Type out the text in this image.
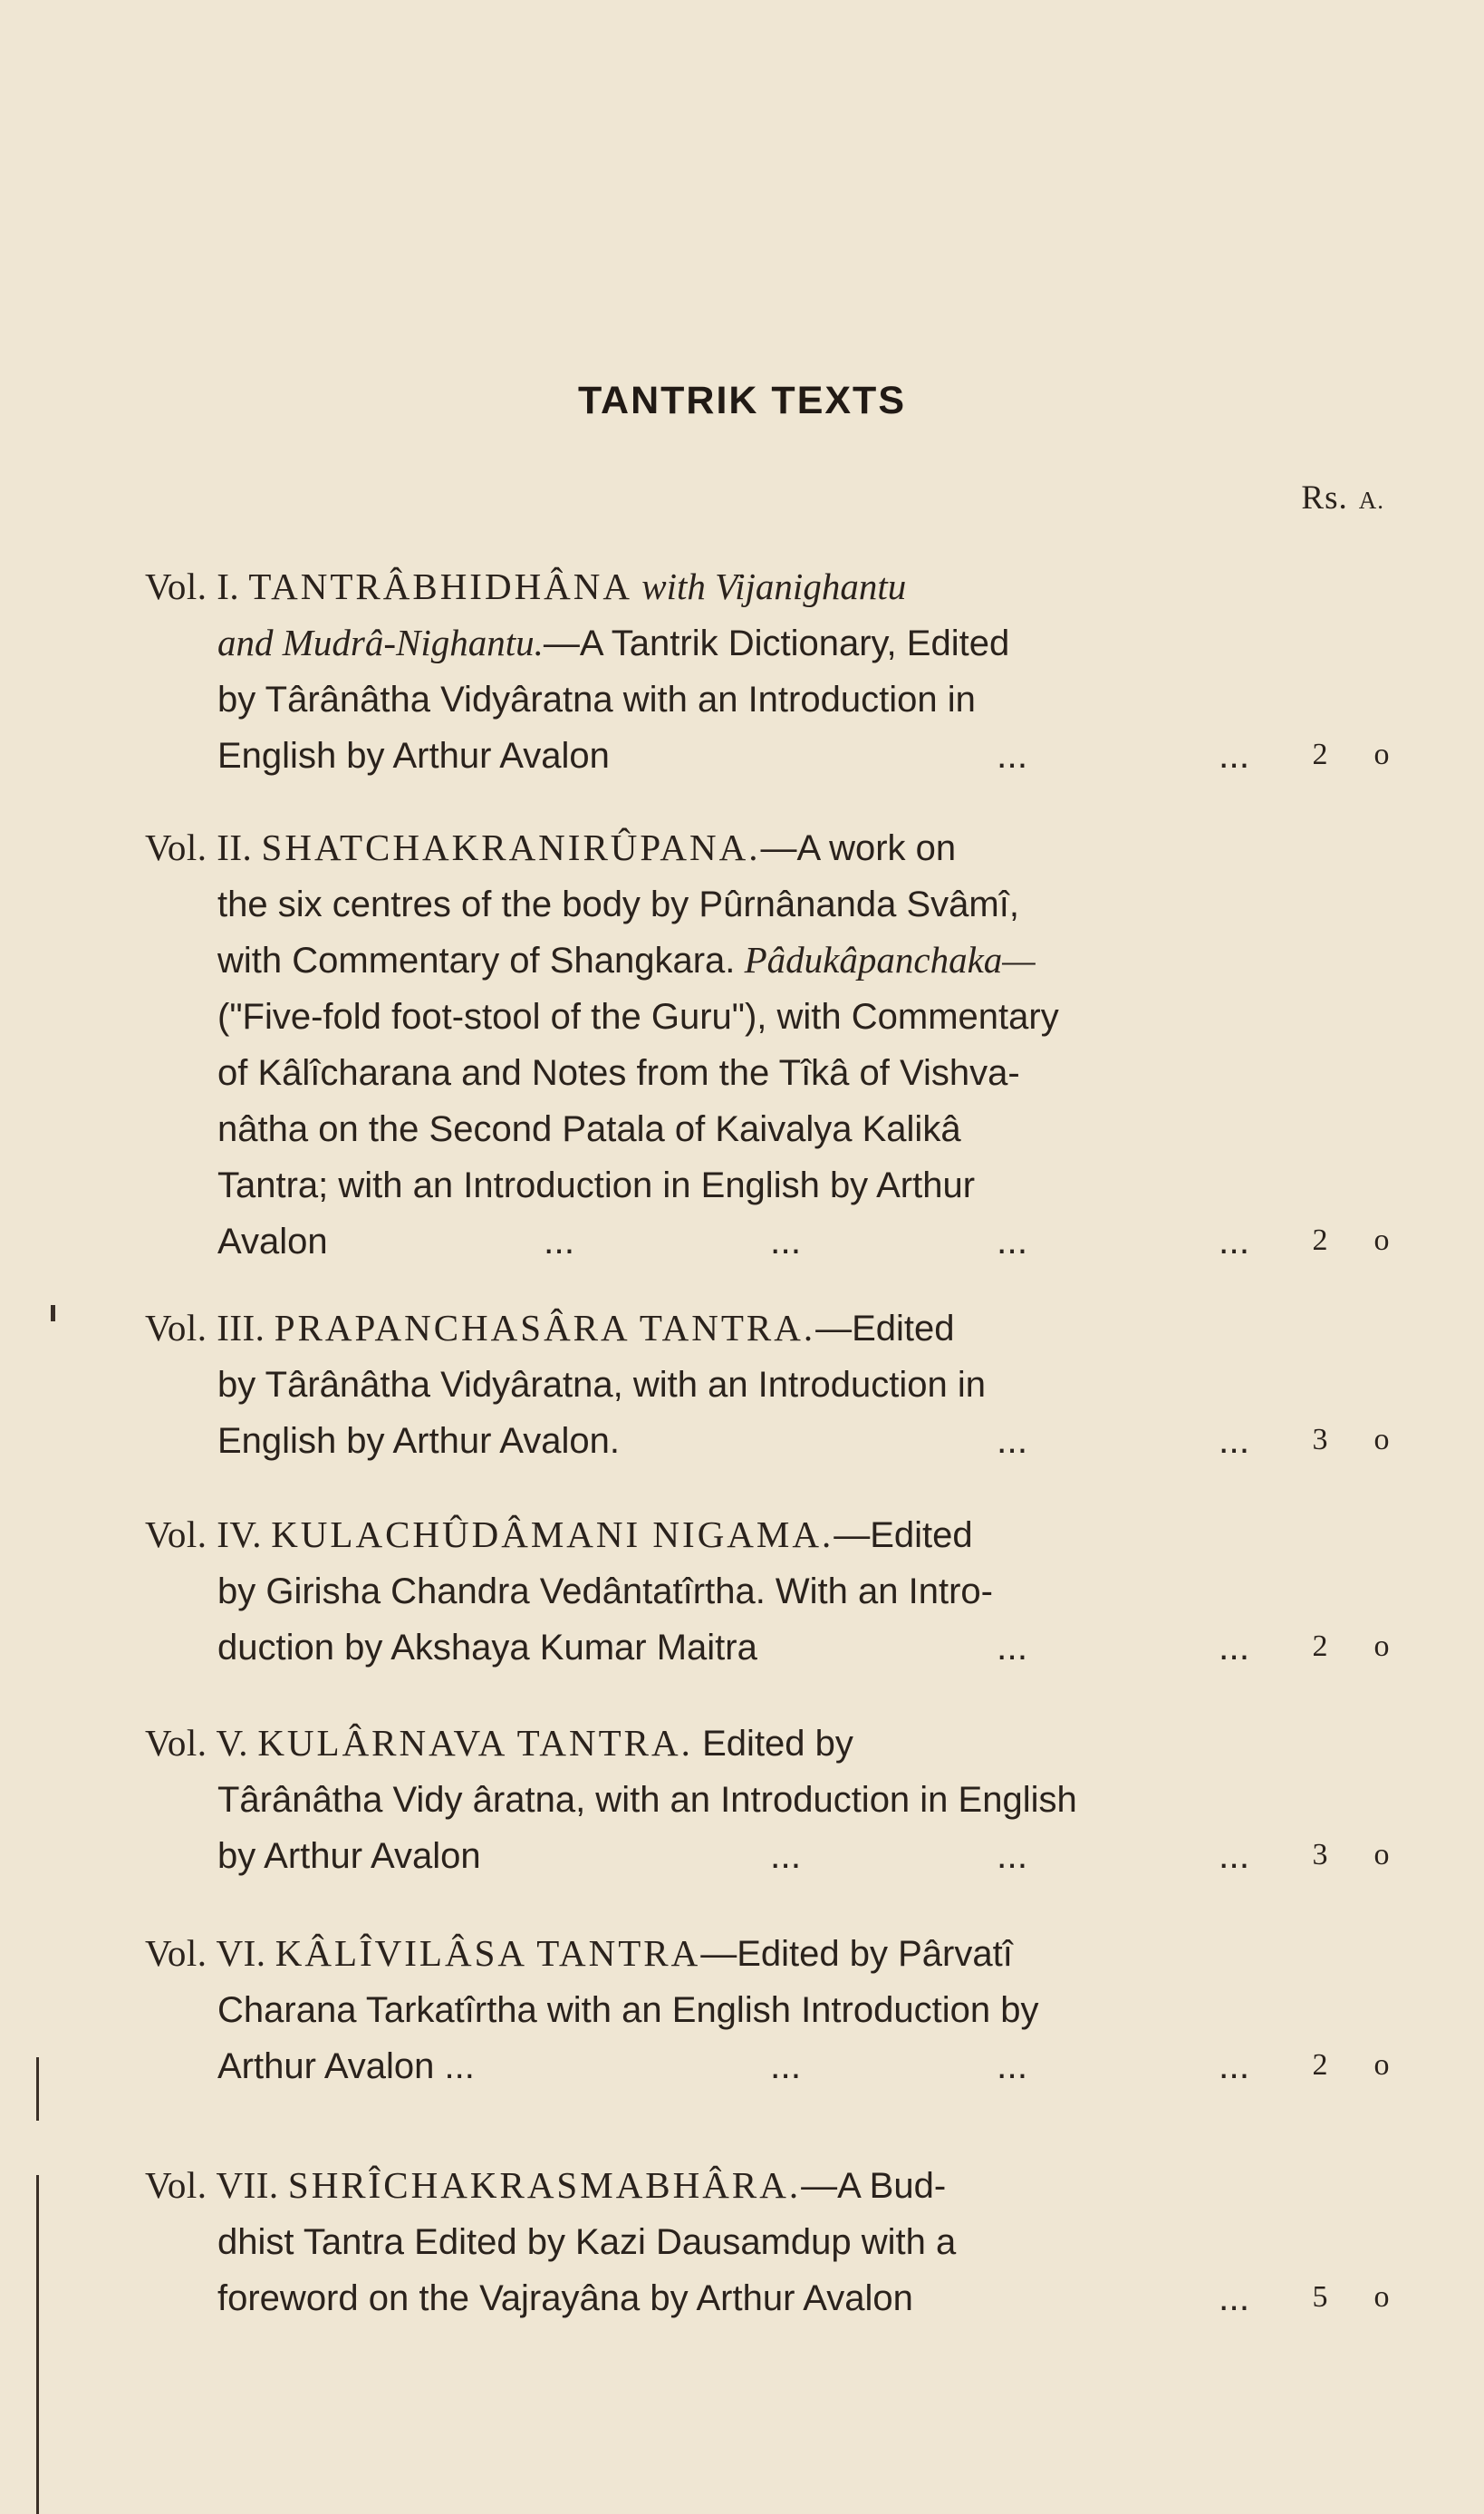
TANTRIK TEXTS
Rs. A.
Vol. I. TANTRÂBHIDHÂNA with Vijanighantu
and Mudrâ-Nighantu.—A Tantrik Dictionary, Edited
by Târânâtha Vidyâratna with an Introduction in
English by Arthur Avalon	...	...	2	o
Vol. II. SHATCHAKRANIRÛPANA.—A work on
the six centres of the body by Pûrnânanda Svâmî,
with Commentary of Shangkara. Pâdukâpanchaka—
("Five-fold foot-stool of the Guru"), with Commentary
of Kâlîcharana and Notes from the Tîkâ of Vishva-
nâtha on the Second Patala of Kaivalya Kalikâ
Tantra; with an Introduction in English by Arthur
Avalon	...	...	...	...	2	o
Vol. III. PRAPANCHASÂRA TANTRA.—Edited
by Târânâtha Vidyâratna, with an Introduction in
English by Arthur Avalon.	...	...	3	o
Vol. IV. KULACHÛDÂMANI NIGAMA.—Edited
by Girisha Chandra Vedântatîrtha. With an Intro-
duction by Akshaya Kumar Maitra	...	...	2	o
Vol. V. KULÂRNAVA TANTRA. Edited by
Târânâtha Vidy âratna, with an Introduction in English
by Arthur Avalon	...	...	...	3	o
Vol. VI. KÂLÎVILÂSA TANTRA—Edited by Pârvatî
Charana Tarkatîrtha with an English Introduction by
Arthur Avalon ...	...	...	...	2	o
Vol. VII. SHRÎCHAKRASMABHÂRA.—A Bud-
dhist Tantra Edited by Kazi Dausamdup with a
foreword on the Vajrayâna by Arthur Avalon	...	5	o
